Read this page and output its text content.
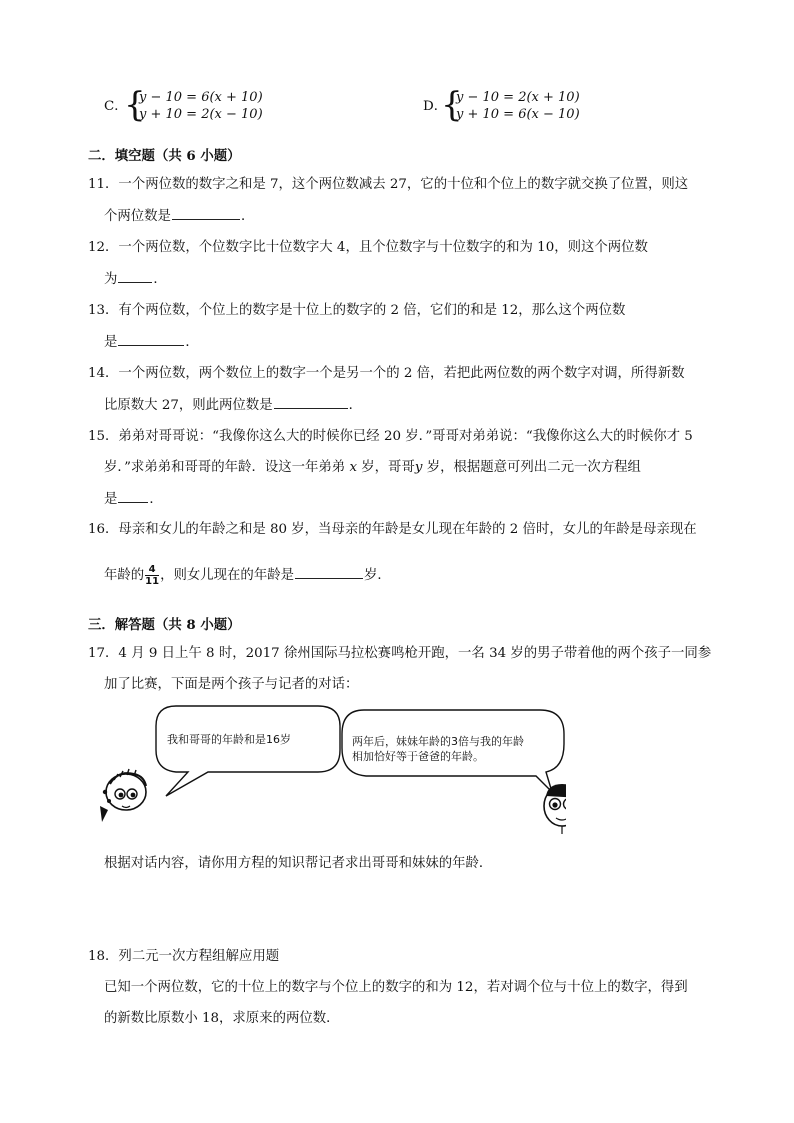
C．
{
y − 10 = 6(x + 10)
y + 10 = 2(x − 10)
D．
{
y − 10 = 2(x + 10)
y + 10 = 6(x − 10)
二．填空题（共 6 小题）
11．一个两位数的数字之和是 7，这个两位数减去 27，它的十位和个位上的数字就交换了位置，则这
个两位数是	．
12．一个两位数，个位数字比十位数字大 4，且个位数字与十位数字的和为 10，则这个两位数
为	．
13．有个两位数，个位上的数字是十位上的数字的 2 倍，它们的和是 12，那么这个两位数
是	．
14．一个两位数，两个数位上的数字一个是另一个的 2 倍，若把此两位数的两个数字对调，所得新数
比原数大 27，则此两位数是	．
15．弟弟对哥哥说：“我像你这么大的时候你已经 20 岁．”哥哥对弟弟说：“我像你这么大的时候你才 5
岁．”求弟弟和哥哥的年龄．设这一年弟弟 x 岁，哥哥y 岁，根据题意可列出二元一次方程组
是 ．
16．母亲和女儿的年龄之和是 80 岁，当母亲的年龄是女儿现在年龄的 2 倍时，女儿的年龄是母亲现在
年龄的 $\frac{4}{11}$ ，则女儿现在的年龄是	岁．
三．解答题（共 8 小题）
17．4 月 9 日上午 8 时，2017 徐州国际马拉松赛鸣枪开跑，一名 34 岁的男子带着他的两个孩子一同参
加了比赛，下面是两个孩子与记者的对话：
我和哥哥的年龄和是16岁	两年后，妹妹年龄的3倍与我的年龄
相加恰好等于爸爸的年龄。
根据对话内容，请你用方程的知识帮记者求出哥哥和妹妹的年龄．
18．列二元一次方程组解应用题
已知一个两位数，它的十位上的数字与个位上的数字的和为 12，若对调个位与十位上的数字，得到
的新数比原数小 18，求原来的两位数．
